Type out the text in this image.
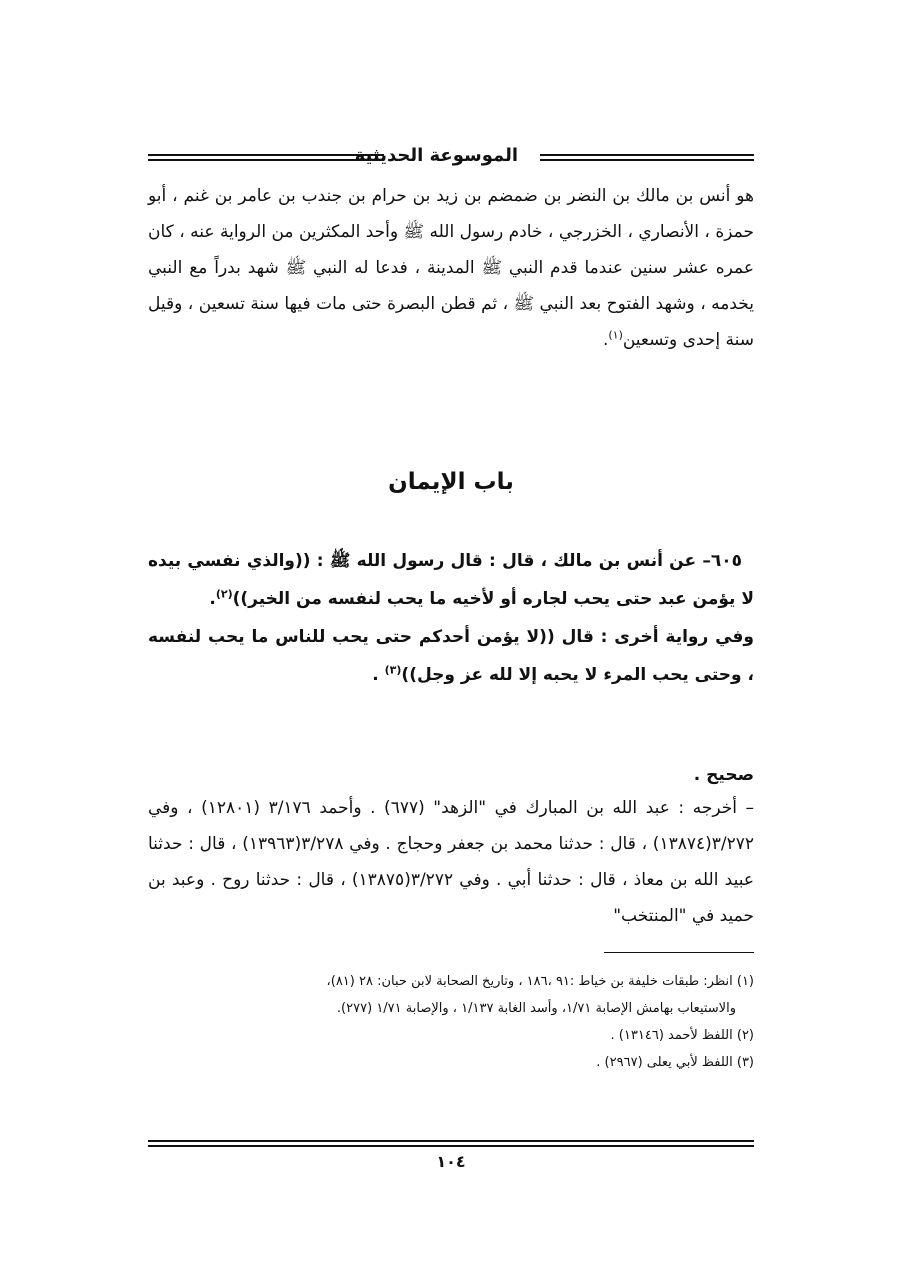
الموسوعة الحديثية
هو أنس بن مالك بن النضر بن ضمضم بن زيد بن حرام بن جندب بن عامر بن غنم ، أبو حمزة ، الأنصاري ، الخزرجي ، خادم رسول الله ﷺ وأحد المكثرين من الرواية عنه ، كان عمره عشر سنين عندما قدم النبي ﷺ المدينة ، فدعا له النبي ﷺ شهد بدراً مع النبي يخدمه ، وشهد الفتوح بعد النبي ﷺ ، ثم قطن البصرة حتى مات فيها سنة تسعين ، وقيل سنة إحدى وتسعين$^{(١)}$.
باب الإيمان
٦٠٥– عن أنس بن مالك ، قال : قال رسول الله ﷺ : ((والذي نفسي بيده لا يؤمن عبد حتى يحب لجاره أو لأخيه ما يحب لنفسه من الخير))$^{(٢)}$.
وفي رواية أخرى : قال ((لا يؤمن أحدكم حتى يحب للناس ما يحب لنفسه ، وحتى يحب المرء لا يحبه إلا لله عز وجل))$^{(٣)}$ .
صحيح .
– أخرجه : عبد الله بن المبارك في "الزهد" (٦٧٧) . وأحمد ٣/١٧٦ (١٢٨٠١) ، وفي ٣/٢٧٢(١٣٨٧٤) ، قال : حدثنا محمد بن جعفر وحجاج . وفي ٣/٢٧٨(١٣٩٦٣) ، قال : حدثنا عبيد الله بن معاذ ، قال : حدثنا أبي . وفي ٣/٢٧٢(١٣٨٧٥) ، قال : حدثنا روح . وعبد بن حميد في "المنتخب"
(١) انظر: طبقات خليفة بن خياط :٩١ ،١٨٦ ، وتاريخ الصحابة لابن حبان: ٢٨ (٨١)،
والاستيعاب بهامش الإصابة ١/٧١، وأسد الغابة ١/١٣٧ ، والإصابة ١/٧١ (٢٧٧).
(٢) اللفظ لأحمد (١٣١٤٦) .
(٣) اللفظ لأبي يعلى (٢٩٦٧) .
١٠٤
